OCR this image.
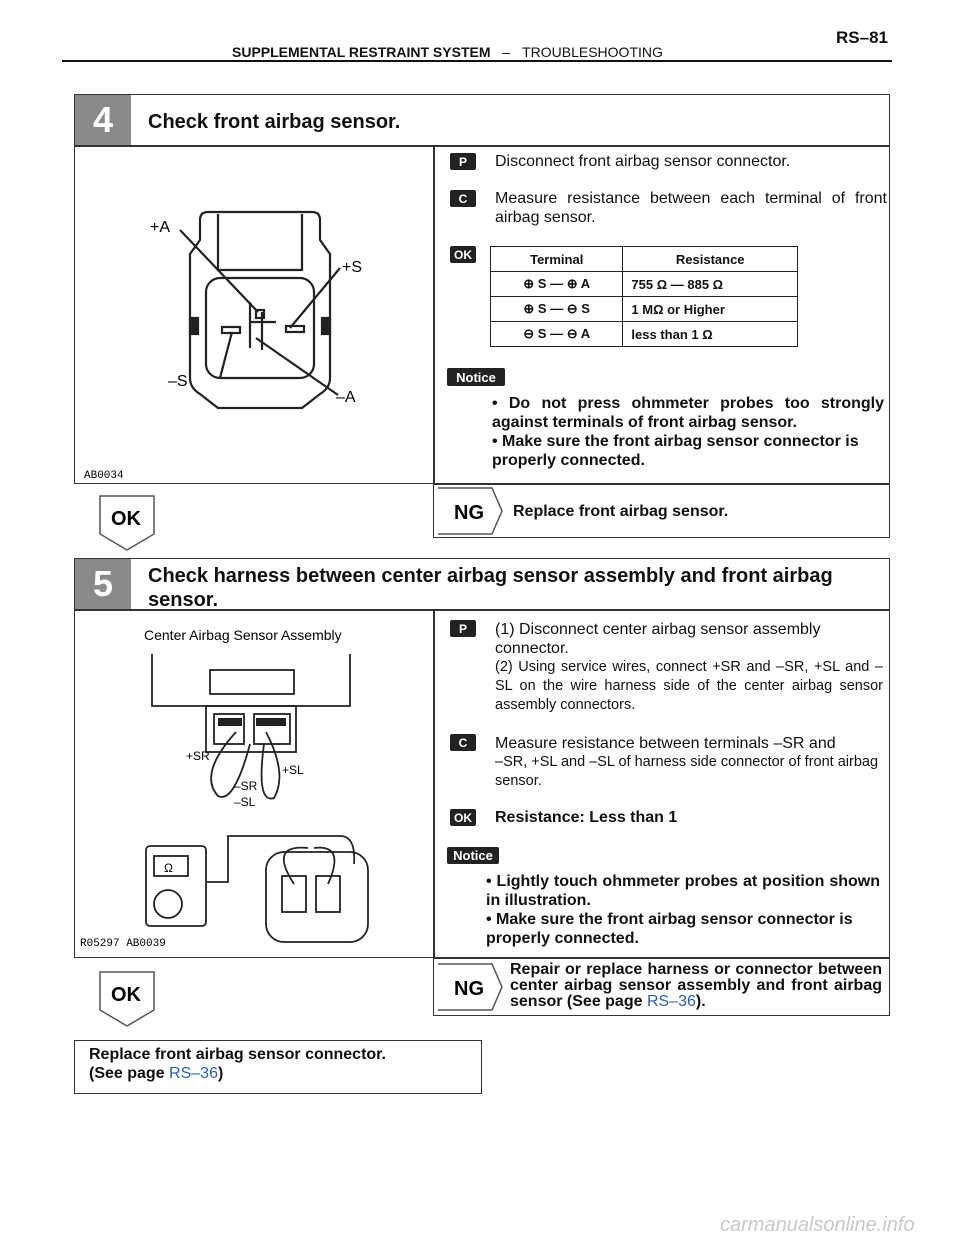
SUPPLEMENTAL RESTRAINT SYSTEM – TROUBLESHOOTING
RS–81
4	Check front airbag sensor.
+A
+S
–S
–A
AB0034
P	Disconnect front airbag sensor connector.
C	Measure resistance between each terminal of front airbag sensor.
OK	Terminal	Resistance
⊕ S — ⊕ A	755 Ω — 885 Ω
⊕ S — ⊖ S	1 MΩ or Higher
⊖ S — ⊖ A	less than 1 Ω
Notice
• Do not press ohmmeter probes too strongly against terminals of front airbag sensor.
• Make sure the front airbag sensor connector is properly connected.
NG Replace front airbag sensor.
OK
5	Check harness between center airbag sensor assembly and front airbag sensor.
Center Airbag Sensor Assembly
+SR
–SR
+SL
–SL
Ω
R05297 AB0039
P	(1) Disconnect center airbag sensor assembly connector.
(2) Using service wires, connect +SR and –SR, +SL and –SL on the wire harness side of the center airbag sensor assembly connectors.
C	Measure resistance between terminals –SR and
–SR, +SL and –SL of harness side connector of front airbag sensor.
OK Resistance: Less than 1
Notice
• Lightly touch ohmmeter probes at position shown in illustration.
• Make sure the front airbag sensor connector is properly connected.
NG
Repair or replace harness or connector between center airbag sensor assembly and front airbag sensor (See page RS–36).
OK
Replace front airbag sensor connector.
(See page RS–36)
carmanualsonline.info
